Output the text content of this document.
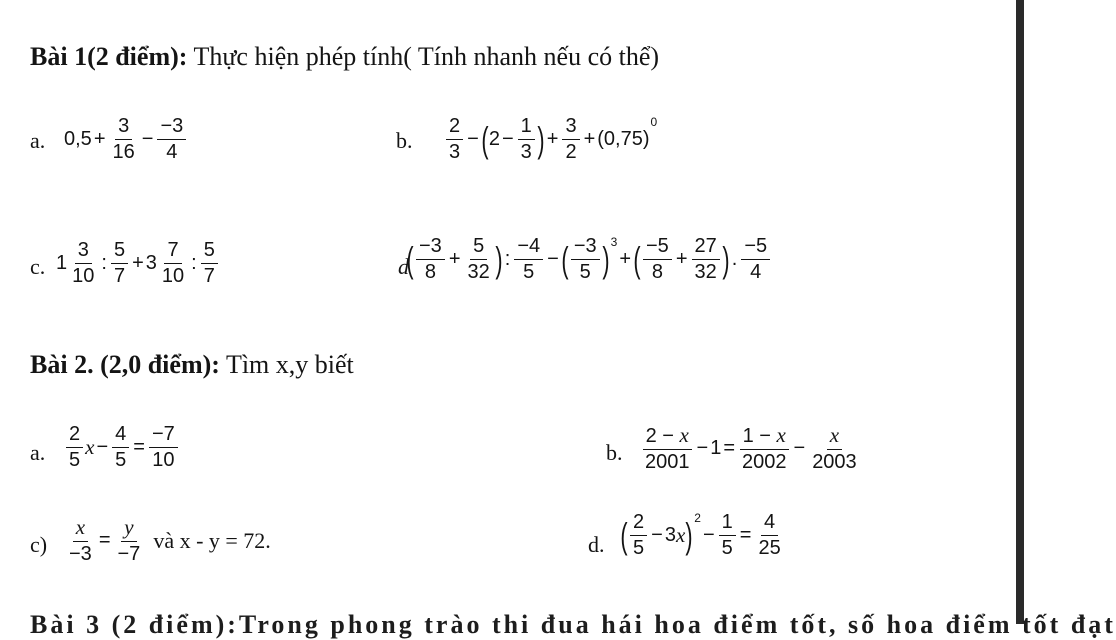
Bài 1(2 điểm): Thực hiện phép tính( Tính nhanh nếu có thể)
a. $0,5 + \frac{3}{16} - \frac{-3}{4}$	b. $\frac{2}{3}$ − ( $2 - \frac{1}{3}$ ) + $\frac{3}{2} + (0,75)$
0
c. $1 \frac{3}{10}$ : $\frac{5}{7} + 3 \frac{7}{10}$ : $\frac{5}{7}$	d
( $\frac{-3}{8} + \frac{5}{32}$ ) : $\frac{-4}{5}$ − ( $\frac{-3}{5}$ ) 3
+ ( $\frac{-5}{8} + \frac{27}{32}$ ) . $\frac{-5}{4}$
Bài 2. (2,0 điểm): Tìm x,y biết
a. $\frac{2}{5}$ $x - \frac{4}{5} = \frac{-7}{10}$	b. $\frac{2 - x}{2001} - 1 = \frac{1 - x}{2002} - \frac{x}{2003}$
$c) \frac{x}{-3} = \frac{y}{-7}$ và x - y = 72.	d. ( $\frac{2}{5} - 3$ x ) 2
− $\frac{1}{5} = \frac{4}{25}$
Bài 3 (2 điểm):Trong phong trào thi đua hái hoa điểm tốt, số hoa điểm tốt đạt
